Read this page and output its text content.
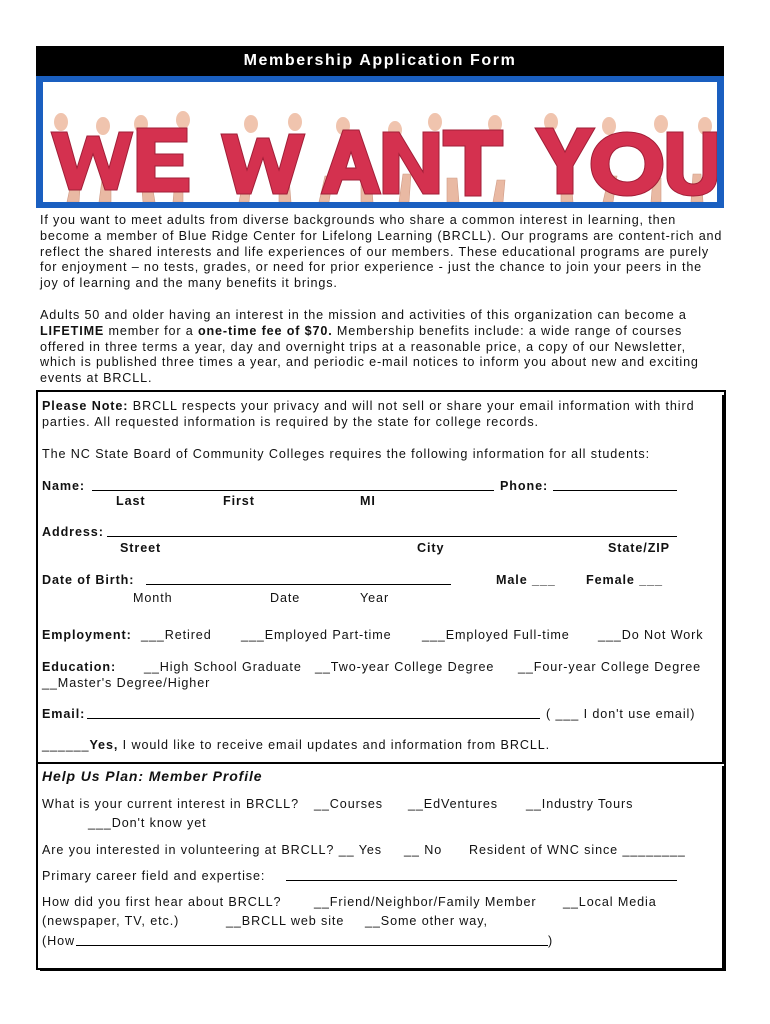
Membership Application Form
If you want to meet adults from diverse backgrounds who share a common interest in learning, then
become a member of Blue Ridge Center for Lifelong Learning (BRCLL). Our programs are content-rich and
reflect the shared interests and life experiences of our members. These educational programs are purely
for enjoyment – no tests, grades, or need for prior experience - just the chance to join your peers in the
joy of learning and the many benefits it brings.
Adults 50 and older having an interest in the mission and activities of this organization can become a
LIFETIME member for a one-time fee of $70. Membership benefits include: a wide range of courses
offered in three terms a year, day and overnight trips at a reasonable price, a copy of our Newsletter,
which is published three times a year, and periodic e-mail notices to inform you about new and exciting
events at BRCLL.
Please Note: BRCLL respects your privacy and will not sell or share your email information with third
parties. All requested information is required by the state for college records.
The NC State Board of Community Colleges requires the following information for all students:
Name:	Phone:
Last	First	MI
Address:
Street	City	State/ZIP
Date of Birth:	Male ___ Female ___
Month	Date	Year
Employment: ___Retired ___Employed Part-time ___Employed Full-time ___Do Not Work
Education: __High School Graduate __Two-year College Degree __Four-year College Degree
__Master's Degree/Higher
Email:	( ___ I don't use email)
______Yes, I would like to receive email updates and information from BRCLL.
Help Us Plan: Member Profile
What is your current interest in BRCLL? __Courses __EdVentures __Industry Tours
___Don't know yet
Are you interested in volunteering at BRCLL? __ Yes __ No Resident of WNC since ________
Primary career field and expertise:
How did you first hear about BRCLL?	__Friend/Neighbor/Family Member __Local Media
(newspaper, TV, etc.)	__BRCLL web site __Some other way,
(How	)
